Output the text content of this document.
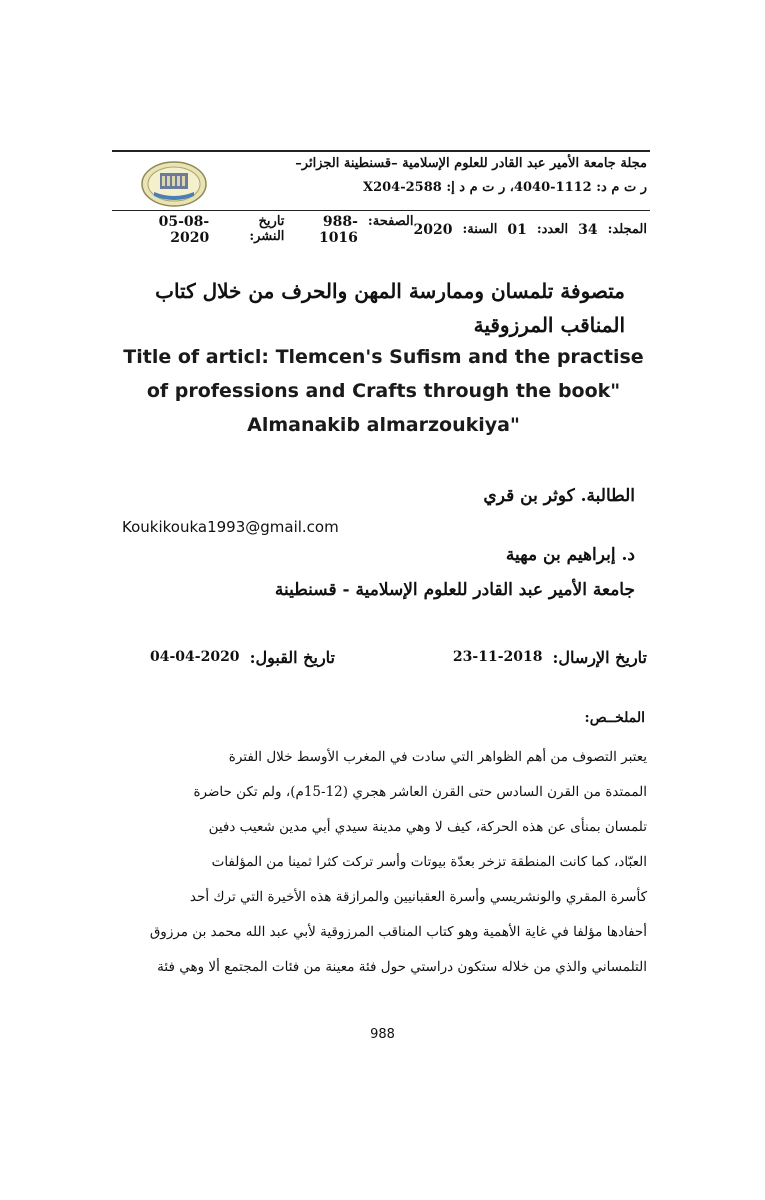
مجلة جامعة الأمير عبد القادر للعلوم الإسلامية –قسنطينة الجزائر–
ر ت م د: 1112-4040، ر ت م د إ: 2588-X204
المجلد:
34
العدد:
01
السنة:
2020
الصفحة:
988-1016
تاريخ النشر:
05-08-2020
متصوفة تلمسان وممارسة المهن والحرف من خلال كتاب المناقب المرزوقية
Title of articl: Tlemcen's Sufism and the practise of professions and Crafts through the book" Almanakib almarzoukiya"
الطالبة. كوثر بن قري
Koukikouka1993@gmail.com
د. إبراهيم بن مهية
جامعة الأمير عبد القادر للعلوم الإسلامية - قسنطينة
تاريخ الإرسال:
23-11-2018
تاريخ القبول:
04-04-2020
الملخــص:
يعتبر التصوف من أهم الظواهر التي سادت في المغرب الأوسط خلال الفترة
الممتدة من القرن السادس حتى القرن العاشر هجري (12-15م)، ولم تكن حاضرة
تلمسان بمنأى عن هذه الحركة، كيف لا وهي مدينة سيدي أبي مدين شعيب دفين
العبّاد، كما كانت المنطقة تزخر بعدّة بيوتات وأسر تركت كثرا ثمينا من المؤلفات
كأسرة المقري والونشريسي وأسرة العقبانيين والمرازقة هذه الأخيرة التي ترك أحد
أحفادها مؤلفا في غاية الأهمية وهو كتاب المناقب المرزوقية لأبي عبد الله محمد بن مرزوق
التلمساني والذي من خلاله ستكون دراستي حول فئة معينة من فئات المجتمع ألا وهي فئة
988
